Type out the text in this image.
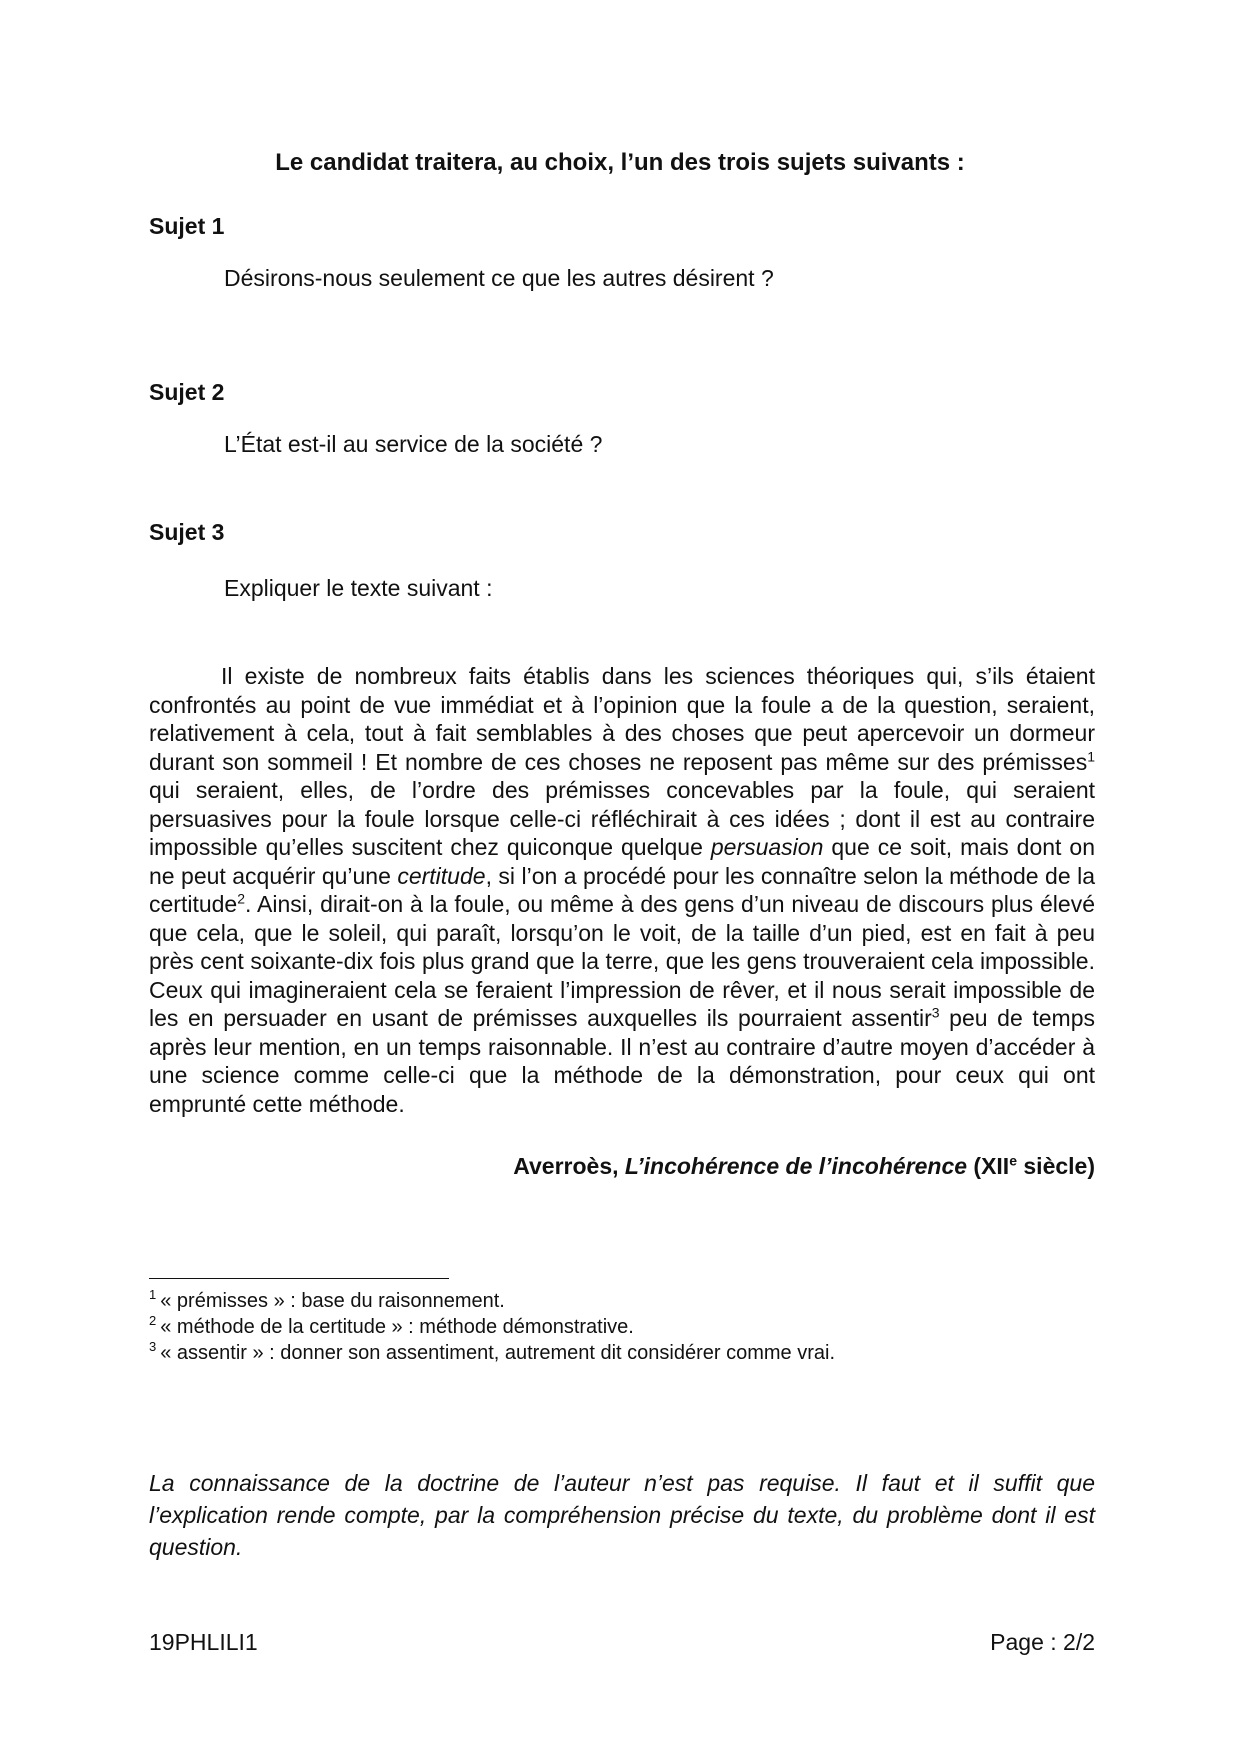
Le candidat traitera, au choix, l’un des trois sujets suivants :
Sujet 1
Désirons-nous seulement ce que les autres désirent ?
Sujet 2
L’État est-il au service de la société ?
Sujet 3
Expliquer le texte suivant :

Il existe de nombreux faits établis dans les sciences théoriques qui, s’ils étaient confrontés au point de vue immédiat et à l’opinion que la foule a de la question, seraient, relativement à cela, tout à fait semblables à des choses que peut apercevoir un dormeur durant son sommeil ! Et nombre de ces choses ne reposent pas même sur des prémisses$^1$ qui seraient, elles, de l’ordre des prémisses concevables par la foule, qui seraient persuasives pour la foule lorsque celle-ci réfléchirait à ces idées ; dont il est au contraire impossible qu’elles suscitent chez quiconque quelque persuasion que ce soit, mais dont on ne peut acquérir qu’une certitude, si l’on a procédé pour les connaître selon la méthode de la certitude$^2$. Ainsi, dirait-on à la foule, ou même à des gens d’un niveau de discours plus élevé que cela, que le soleil, qui paraît, lorsqu’on le voit, de la taille d’un pied, est en fait à peu près cent soixante-dix fois plus grand que la terre, que les gens trouveraient cela impossible. Ceux qui imagineraient cela se feraient l’impression de rêver, et il nous serait impossible de les en persuader en usant de prémisses auxquelles ils pourraient assentir$^3$ peu de temps après leur mention, en un temps raisonnable. Il n’est au contraire d’autre moyen d’accéder à une science comme celle-ci que la méthode de la démonstration, pour ceux qui ont emprunté cette méthode.

Averroès, L’incohérence de l’incohérence (XIIe siècle)
$^1$ « prémisses » : base du raisonnement.
$^2$ « méthode de la certitude » : méthode démonstrative.
$^3$ « assentir » : donner son assentiment, autrement dit considérer comme vrai.
La connaissance de la doctrine de l’auteur n’est pas requise. Il faut et il suffit que l’explication rende compte, par la compréhension précise du texte, du problème dont il est question.
19PHLILI1	Page : 2/2
